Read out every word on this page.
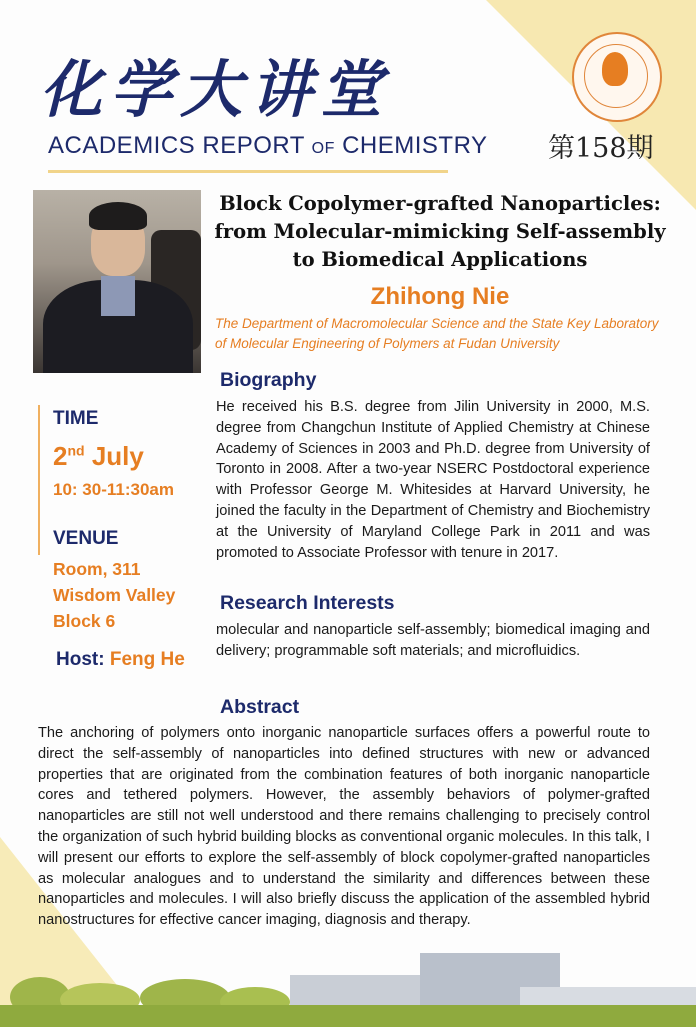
化学大讲堂
ACADEMICS REPORT OF CHEMISTRY 第158期
Block Copolymer-grafted Nanoparticles: from Molecular-mimicking Self-assembly to Biomedical Applications
Zhihong Nie
The Department of Macromolecular Science and the State Key Laboratory of Molecular Engineering of Polymers at Fudan University
TIME
2nd July
10: 30-11:30am
VENUE
Room, 311
Wisdom Valley
Block 6
Host: Feng He
Biography
He received his B.S. degree from Jilin University in 2000, M.S. degree from Changchun Institute of Applied Chemistry at Chinese Academy of Sciences in 2003 and Ph.D. degree from University of Toronto in 2008. After a two-year NSERC Postdoctoral experience with Professor George M. Whitesides at Harvard University, he joined the faculty in the Department of Chemistry and Biochemistry at the University of Maryland College Park in 2011 and was promoted to Associate Professor with tenure in 2017.
Research Interests
molecular and nanoparticle self-assembly; biomedical imaging and delivery; programmable soft materials; and microfluidics.
Abstract
The anchoring of polymers onto inorganic nanoparticle surfaces offers a powerful route to direct the self-assembly of nanoparticles into defined structures with new or advanced properties that are originated from the combination features of both inorganic nanoparticle cores and tethered polymers. However, the assembly behaviors of polymer-grafted nanoparticles are still not well understood and there remains challenging to precisely control the organization of such hybrid building blocks as conventional organic molecules. In this talk, I will present our efforts to explore the self-assembly of block copolymer-grafted nanoparticles as molecular analogues and to understand the similarity and differences between these nanoparticles and molecules. I will also briefly discuss the application of the assembled hybrid nanostructures for effective cancer imaging, diagnosis and therapy.
